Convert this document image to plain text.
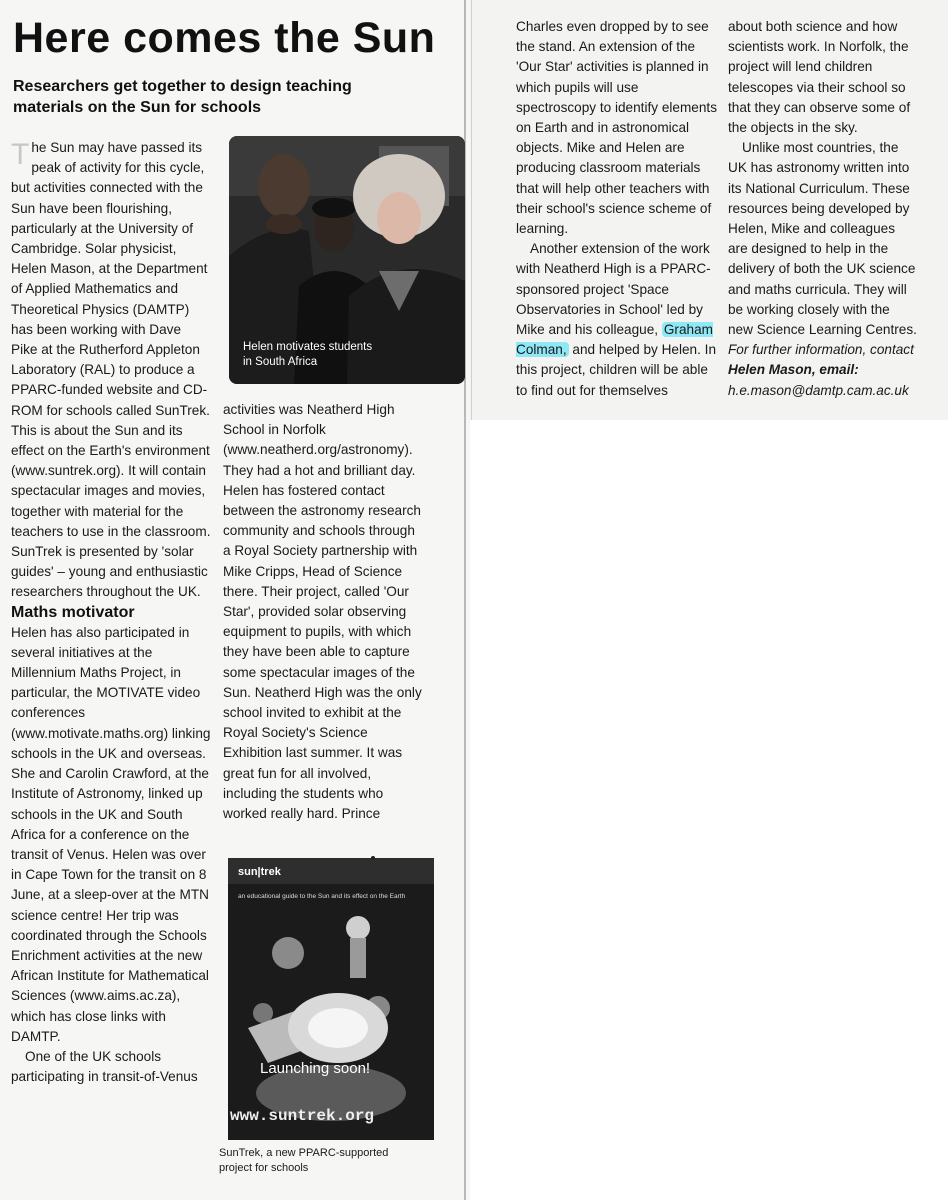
Here comes the Sun

Researchers get together to design teaching materials on the Sun for schools

The Sun may have passed its peak of activity for this cycle, but activities connected with the Sun have been flourishing, particularly at the University of Cambridge. Solar physicist, Helen Mason, at the Department of Applied Mathematics and Theoretical Physics (DAMTP) has been working with Dave Pike at the Rutherford Appleton Laboratory (RAL) to produce a PPARC-funded website and CD-ROM for schools called SunTrek. This is about the Sun and its effect on the Earth's environment (www.suntrek.org). It will contain spectacular images and movies, together with material for the teachers to use in the classroom. SunTrek is presented by 'solar guides' – young and enthusiastic researchers throughout the UK.

Maths motivator

Helen has also participated in several initiatives at the Millennium Maths Project, in particular, the MOTIVATE video conferences (www.motivate.maths.org) linking schools in the UK and overseas. She and Carolin Crawford, at the Institute of Astronomy, linked up schools in the UK and South Africa for a conference on the transit of Venus. Helen was over in Cape Town for the transit on 8 June, at a sleep-over at the MTN science centre! Her trip was coordinated through the Schools Enrichment activities at the new African Institute for Mathematical Sciences (www.aims.ac.za), which has close links with DAMTP.

One of the UK schools participating in transit-of-Venus

Helen motivates students in South Africa

activities was Neatherd High School in Norfolk (www.neatherd.org/astronomy). They had a hot and brilliant day. Helen has fostered contact between the astronomy research community and schools through a Royal Society partnership with Mike Cripps, Head of Science there. Their project, called 'Our Star', provided solar observing equipment to pupils, with which they have been able to capture some spectacular images of the Sun. Neatherd High was the only school invited to exhibit at the Royal Society's Science Exhibition last summer. It was great fun for all involved, including the students who worked really hard. Prince

sun|trek
an educational guide to the Sun and its effect on the Earth
Launching soon!
www.suntrek.org
SunTrek, a new PPARC-supported project for schools

Charles even dropped by to see the stand. An extension of the 'Our Star' activities is planned in which pupils will use spectroscopy to identify elements on Earth and in astronomical objects. Mike and Helen are producing classroom materials that will help other teachers with their school's science scheme of learning.

Another extension of the work with Neatherd High is a PPARC-sponsored project 'Space Observatories in School' led by Mike and his colleague, Graham Colman, and helped by Helen. In this project, children will be able to find out for themselves

about both science and how scientists work. In Norfolk, the project will lend children telescopes via their school so that they can observe some of the objects in the sky.

Unlike most countries, the UK has astronomy written into its National Curriculum. These resources being developed by Helen, Mike and colleagues are designed to help in the delivery of both the UK science and maths curricula. They will be working closely with the new Science Learning Centres.

For further information, contact

Helen Mason, email:

h.e.mason@damtp.cam.ac.uk
